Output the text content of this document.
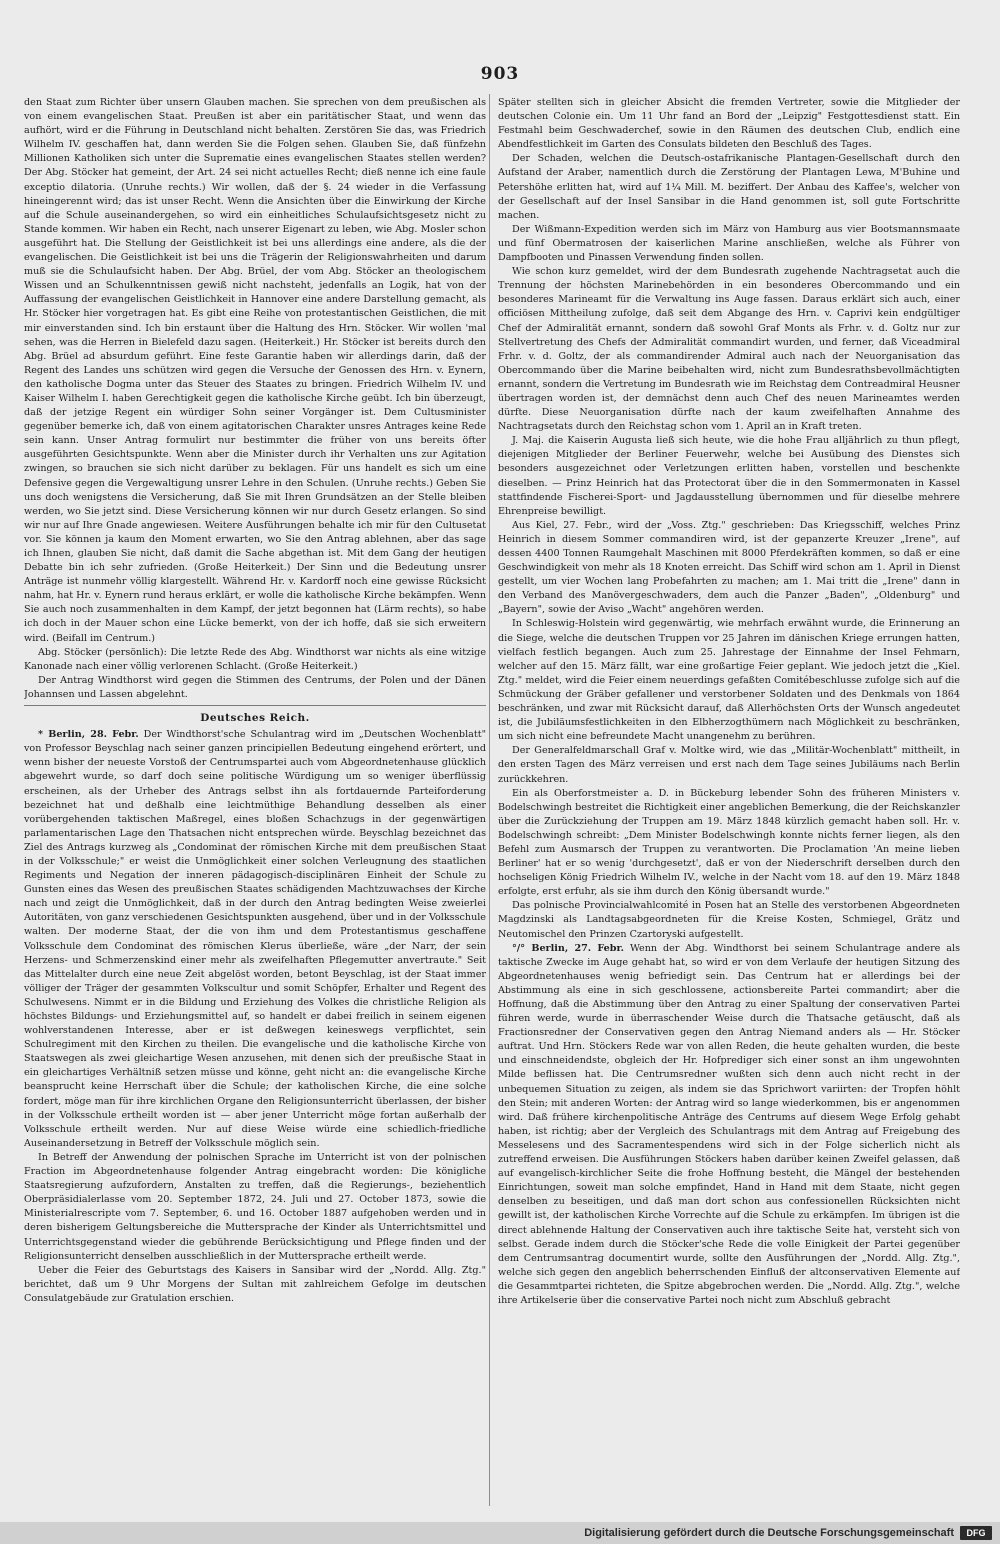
903

den Staat zum Richter über unsern Glauben machen. Sie sprechen von dem preußischen als von einem evangelischen Staat. Preußen ist aber ein paritätischer Staat, und wenn das aufhört, wird er die Führung in Deutschland nicht behalten. Zerstören Sie das, was Friedrich Wilhelm IV. geschaffen hat, dann werden Sie die Folgen sehen. Glauben Sie, daß fünfzehn Millionen Katholiken sich unter die Suprematie eines evangelischen Staates stellen werden? Der Abg. Stöcker hat gemeint, der Art. 24 sei nicht actuelles Recht; dieß nenne ich eine faule exceptio dilatoria. (Unruhe rechts.) Wir wollen, daß der §. 24 wieder in die Verfassung hineingerennt wird; das ist unser Recht. Wenn die Ansichten über die Einwirkung der Kirche auf die Schule auseinandergehen, so wird ein einheitliches Schulaufsichtsgesetz nicht zu Stande kommen. Wir haben ein Recht, nach unserer Eigenart zu leben, wie Abg. Mosler schon ausgeführt hat. Die Stellung der Geistlichkeit ist bei uns allerdings eine andere, als die der evangelischen. Die Geistlichkeit ist bei uns die Trägerin der Religionswahrheiten und darum muß sie die Schulaufsicht haben. Der Abg. Brüel, der vom Abg. Stöcker an theologischem Wissen und an Schulkenntnissen gewiß nicht nachsteht, jedenfalls an Logik, hat von der Auffassung der evangelischen Geistlichkeit in Hannover eine andere Darstellung gemacht, als Hr. Stöcker hier vorgetragen hat. Es gibt eine Reihe von protestantischen Geistlichen, die mit mir einverstanden sind. Ich bin erstaunt über die Haltung des Hrn. Stöcker. Wir wollen 'mal sehen, was die Herren in Bielefeld dazu sagen. (Heiterkeit.) Hr. Stöcker ist bereits durch den Abg. Brüel ad absurdum geführt. Eine feste Garantie haben wir allerdings darin, daß der Regent des Landes uns schützen wird gegen die Versuche der Genossen des Hrn. v. Eynern, den katholische Dogma unter das Steuer des Staates zu bringen. Friedrich Wilhelm IV. und Kaiser Wilhelm I. haben Gerechtigkeit gegen die katholische Kirche geübt. Ich bin überzeugt, daß der jetzige Regent ein würdiger Sohn seiner Vorgänger ist. Dem Cultusminister gegenüber bemerke ich, daß von einem agitatorischen Charakter unsres Antrages keine Rede sein kann. Unser Antrag formulirt nur bestimmter die früher von uns bereits öfter ausgeführten Gesichtspunkte. Wenn aber die Minister durch ihr Verhalten uns zur Agitation zwingen, so brauchen sie sich nicht darüber zu beklagen. Für uns handelt es sich um eine Defensive gegen die Vergewaltigung unsrer Lehre in den Schulen. (Unruhe rechts.) Geben Sie uns doch wenigstens die Versicherung, daß Sie mit Ihren Grundsätzen an der Stelle bleiben werden, wo Sie jetzt sind. Diese Versicherung können wir nur durch Gesetz erlangen. So sind wir nur auf Ihre Gnade angewiesen. Weitere Ausführungen behalte ich mir für den Cultusetat vor. Sie können ja kaum den Moment erwarten, wo Sie den Antrag ablehnen, aber das sage ich Ihnen, glauben Sie nicht, daß damit die Sache abgethan ist. Mit dem Gang der heutigen Debatte bin ich sehr zufrieden. (Große Heiterkeit.) Der Sinn und die Bedeutung unsrer Anträge ist nunmehr völlig klargestellt. Während Hr. v. Kardorff noch eine gewisse Rücksicht nahm, hat Hr. v. Eynern rund heraus erklärt, er wolle die katholische Kirche bekämpfen. Wenn Sie auch noch zusammenhalten in dem Kampf, der jetzt begonnen hat (Lärm rechts), so habe ich doch in der Mauer schon eine Lücke bemerkt, von der ich hoffe, daß sie sich erweitern wird. (Beifall im Centrum.)

Abg. Stöcker (persönlich): Die letzte Rede des Abg. Windthorst war nichts als eine witzige Kanonade nach einer völlig verlorenen Schlacht. (Große Heiterkeit.)

Der Antrag Windthorst wird gegen die Stimmen des Centrums, der Polen und der Dänen Johannsen und Lassen abgelehnt.

Deutsches Reich.

* Berlin, 28. Febr. Der Windthorst'sche Schulantrag wird im „Deutschen Wochenblatt" von Professor Beyschlag nach seiner ganzen principiellen Bedeutung eingehend erörtert, und wenn bisher der neueste Vorstoß der Centrumspartei auch vom Abgeordnetenhause glücklich abgewehrt wurde, so darf doch seine politische Würdigung um so weniger überflüssig erscheinen, als der Urheber des Antrags selbst ihn als fortdauernde Parteiforderung bezeichnet hat und deßhalb eine leichtmüthige Behandlung desselben als einer vorübergehenden taktischen Maßregel, eines bloßen Schachzugs in der gegenwärtigen parlamentarischen Lage den Thatsachen nicht entsprechen würde. Beyschlag bezeichnet das Ziel des Antrags kurzweg als „Condominat der römischen Kirche mit dem preußischen Staat in der Volksschule;" er weist die Unmöglichkeit einer solchen Verleugnung des staatlichen Regiments und Negation der inneren pädagogisch-disciplinären Einheit der Schule zu Gunsten eines das Wesen des preußischen Staates schädigenden Machtzuwachses der Kirche nach und zeigt die Unmöglichkeit, daß in der durch den Antrag bedingten Weise zweierlei Autoritäten, von ganz verschiedenen Gesichtspunkten ausgehend, über und in der Volksschule walten. Der moderne Staat, der die von ihm und dem Protestantismus geschaffene Volksschule dem Condominat des römischen Klerus überließe, wäre „der Narr, der sein Herzens- und Schmerzenskind einer mehr als zweifelhaften Pflegemutter anvertraute." Seit das Mittelalter durch eine neue Zeit abgelöst worden, betont Beyschlag, ist der Staat immer völliger der Träger der gesammten Volkscultur und somit Schöpfer, Erhalter und Regent des Schulwesens. Nimmt er in die Bildung und Erziehung des Volkes die christliche Religion als höchstes Bildungs- und Erziehungsmittel auf, so handelt er dabei freilich in seinem eigenen wohlverstandenen Interesse, aber er ist deßwegen keineswegs verpflichtet, sein Schulregiment mit den Kirchen zu theilen. Die evangelische und die katholische Kirche von Staatswegen als zwei gleichartige Wesen anzusehen, mit denen sich der preußische Staat in ein gleichartiges Verhältniß setzen müsse und könne, geht nicht an: die evangelische Kirche beansprucht keine Herrschaft über die Schule; der katholischen Kirche, die eine solche fordert, möge man für ihre kirchlichen Organe den Religionsunterricht überlassen, der bisher in der Volksschule ertheilt worden ist — aber jener Unterricht möge fortan außerhalb der Volksschule ertheilt werden. Nur auf diese Weise würde eine schiedlich-friedliche Auseinandersetzung in Betreff der Volksschule möglich sein.

In Betreff der Anwendung der polnischen Sprache im Unterricht ist von der polnischen Fraction im Abgeordnetenhause folgender Antrag eingebracht worden: Die königliche Staatsregierung aufzufordern, Anstalten zu treffen, daß die Regierungs-, beziehentlich Oberpräsidialerlasse vom 20. September 1872, 24. Juli und 27. October 1873, sowie die Ministerialrescripte vom 7. September, 6. und 16. October 1887 aufgehoben werden und in deren bisherigem Geltungsbereiche die Muttersprache der Kinder als Unterrichtsmittel und Unterrichtsgegenstand wieder die gebührende Berücksichtigung und Pflege finden und der Religionsunterricht denselben ausschließlich in der Muttersprache ertheilt werde.

Ueber die Feier des Geburtstags des Kaisers in Sansibar wird der „Nordd. Allg. Ztg." berichtet, daß um 9 Uhr Morgens der Sultan mit zahlreichem Gefolge im deutschen Consulatgebäude zur Gratulation erschien.

Später stellten sich in gleicher Absicht die fremden Vertreter, sowie die Mitglieder der deutschen Colonie ein. Um 11 Uhr fand an Bord der „Leipzig" Festgottesdienst statt. Ein Festmahl beim Geschwaderchef, sowie in den Räumen des deutschen Club, endlich eine Abendfestlichkeit im Garten des Consulats bildeten den Beschluß des Tages.

Der Schaden, welchen die Deutsch-ostafrikanische Plantagen-Gesellschaft durch den Aufstand der Araber, namentlich durch die Zerstörung der Plantagen Lewa, M'Buhine und Petershöhe erlitten hat, wird auf 1¼ Mill. M. beziffert. Der Anbau des Kaffee's, welcher von der Gesellschaft auf der Insel Sansibar in die Hand genommen ist, soll gute Fortschritte machen.

Der Wißmann-Expedition werden sich im März von Hamburg aus vier Bootsmannsmaate und fünf Obermatrosen der kaiserlichen Marine anschließen, welche als Führer von Dampfbooten und Pinassen Verwendung finden sollen.

Wie schon kurz gemeldet, wird der dem Bundesrath zugehende Nachtragsetat auch die Trennung der höchsten Marinebehörden in ein besonderes Obercommando und ein besonderes Marineamt für die Verwaltung ins Auge fassen. Daraus erklärt sich auch, einer officiösen Mittheilung zufolge, daß seit dem Abgange des Hrn. v. Caprivi kein endgültiger Chef der Admiralität ernannt, sondern daß sowohl Graf Monts als Frhr. v. d. Goltz nur zur Stellvertretung des Chefs der Admiralität commandirt wurden, und ferner, daß Viceadmiral Frhr. v. d. Goltz, der als commandirender Admiral auch nach der Neuorganisation das Obercommando über die Marine beibehalten wird, nicht zum Bundesrathsbevollmächtigten ernannt, sondern die Vertretung im Bundesrath wie im Reichstag dem Contreadmiral Heusner übertragen worden ist, der demnächst denn auch Chef des neuen Marineamtes werden dürfte. Diese Neuorganisation dürfte nach der kaum zweifelhaften Annahme des Nachtragsetats durch den Reichstag schon vom 1. April an in Kraft treten.

J. Maj. die Kaiserin Augusta ließ sich heute, wie die hohe Frau alljährlich zu thun pflegt, diejenigen Mitglieder der Berliner Feuerwehr, welche bei Ausübung des Dienstes sich besonders ausgezeichnet oder Verletzungen erlitten haben, vorstellen und beschenkte dieselben. — Prinz Heinrich hat das Protectorat über die in den Sommermonaten in Kassel stattfindende Fischerei-Sport- und Jagdausstellung übernommen und für dieselbe mehrere Ehrenpreise bewilligt.

Aus Kiel, 27. Febr., wird der „Voss. Ztg." geschrieben: Das Kriegsschiff, welches Prinz Heinrich in diesem Sommer commandiren wird, ist der gepanzerte Kreuzer „Irene", auf dessen 4400 Tonnen Raumgehalt Maschinen mit 8000 Pferdekräften kommen, so daß er eine Geschwindigkeit von mehr als 18 Knoten erreicht. Das Schiff wird schon am 1. April in Dienst gestellt, um vier Wochen lang Probefahrten zu machen; am 1. Mai tritt die „Irene" dann in den Verband des Manövergeschwaders, dem auch die Panzer „Baden", „Oldenburg" und „Bayern", sowie der Aviso „Wacht" angehören werden.

In Schleswig-Holstein wird gegenwärtig, wie mehrfach erwähnt wurde, die Erinnerung an die Siege, welche die deutschen Truppen vor 25 Jahren im dänischen Kriege errungen hatten, vielfach festlich begangen. Auch zum 25. Jahrestage der Einnahme der Insel Fehmarn, welcher auf den 15. März fällt, war eine großartige Feier geplant. Wie jedoch jetzt die „Kiel. Ztg." meldet, wird die Feier einem neuerdings gefaßten Comitébeschlusse zufolge sich auf die Schmückung der Gräber gefallener und verstorbener Soldaten und des Denkmals von 1864 beschränken, und zwar mit Rücksicht darauf, daß Allerhöchsten Orts der Wunsch angedeutet ist, die Jubiläumsfestlichkeiten in den Elbherzogthümern nach Möglichkeit zu beschränken, um sich nicht eine befreundete Macht unangenehm zu berühren.

Der Generalfeldmarschall Graf v. Moltke wird, wie das „Militär-Wochenblatt" mittheilt, in den ersten Tagen des März verreisen und erst nach dem Tage seines Jubiläums nach Berlin zurückkehren.

Ein als Oberforstmeister a. D. in Bückeburg lebender Sohn des früheren Ministers v. Bodelschwingh bestreitet die Richtigkeit einer angeblichen Bemerkung, die der Reichskanzler über die Zurückziehung der Truppen am 19. März 1848 kürzlich gemacht haben soll. Hr. v. Bodelschwingh schreibt: „Dem Minister Bodelschwingh konnte nichts ferner liegen, als den Befehl zum Ausmarsch der Truppen zu verantworten. Die Proclamation 'An meine lieben Berliner' hat er so wenig 'durchgesetzt', daß er von der Niederschrift derselben durch den hochseligen König Friedrich Wilhelm IV., welche in der Nacht vom 18. auf den 19. März 1848 erfolgte, erst erfuhr, als sie ihm durch den König übersandt wurde."

Das polnische Provincialwahlcomité in Posen hat an Stelle des verstorbenen Abgeordneten Magdzinski als Landtagsabgeordneten für die Kreise Kosten, Schmiegel, Grätz und Neutomischel den Prinzen Czartoryski aufgestellt.

°/° Berlin, 27. Febr. Wenn der Abg. Windthorst bei seinem Schulantrage andere als taktische Zwecke im Auge gehabt hat, so wird er von dem Verlaufe der heutigen Sitzung des Abgeordnetenhauses wenig befriedigt sein. Das Centrum hat er allerdings bei der Abstimmung als eine in sich geschlossene, actionsbereite Partei commandirt; aber die Hoffnung, daß die Abstimmung über den Antrag zu einer Spaltung der conservativen Partei führen werde, wurde in überraschender Weise durch die Thatsache getäuscht, daß als Fractionsredner der Conservativen gegen den Antrag Niemand anders als — Hr. Stöcker auftrat. Und Hrn. Stöckers Rede war von allen Reden, die heute gehalten wurden, die beste und einschneidendste, obgleich der Hr. Hofprediger sich einer sonst an ihm ungewohnten Milde beflissen hat. Die Centrumsredner wußten sich denn auch nicht recht in der unbequemen Situation zu zeigen, als indem sie das Sprichwort variirten: der Tropfen höhlt den Stein; mit anderen Worten: der Antrag wird so lange wiederkommen, bis er angenommen wird. Daß frühere kirchenpolitische Anträge des Centrums auf diesem Wege Erfolg gehabt haben, ist richtig; aber der Vergleich des Schulantrags mit dem Antrag auf Freigebung des Messelesens und des Sacramentespendens wird sich in der Folge sicherlich nicht als zutreffend erweisen. Die Ausführungen Stöckers haben darüber keinen Zweifel gelassen, daß auf evangelisch-kirchlicher Seite die frohe Hoffnung besteht, die Mängel der bestehenden Einrichtungen, soweit man solche empfindet, Hand in Hand mit dem Staate, nicht gegen denselben zu beseitigen, und daß man dort schon aus confessionellen Rücksichten nicht gewillt ist, der katholischen Kirche Vorrechte auf die Schule zu erkämpfen. Im übrigen ist die direct ablehnende Haltung der Conservativen auch ihre taktische Seite hat, versteht sich von selbst. Gerade indem durch die Stöcker'sche Rede die volle Einigkeit der Partei gegenüber dem Centrumsantrag documentirt wurde, sollte den Ausführungen der „Nordd. Allg. Ztg.", welche sich gegen den angeblich beherrschenden Einfluß der altconservativen Elemente auf die Gesammtpartei richteten, die Spitze abgebrochen werden. Die „Nordd. Allg. Ztg.", welche ihre Artikelserie über die conservative Partei noch nicht zum Abschluß gebracht

Digitalisierung gefördert durch die Deutsche Forschungsgemeinschaft	DFG
